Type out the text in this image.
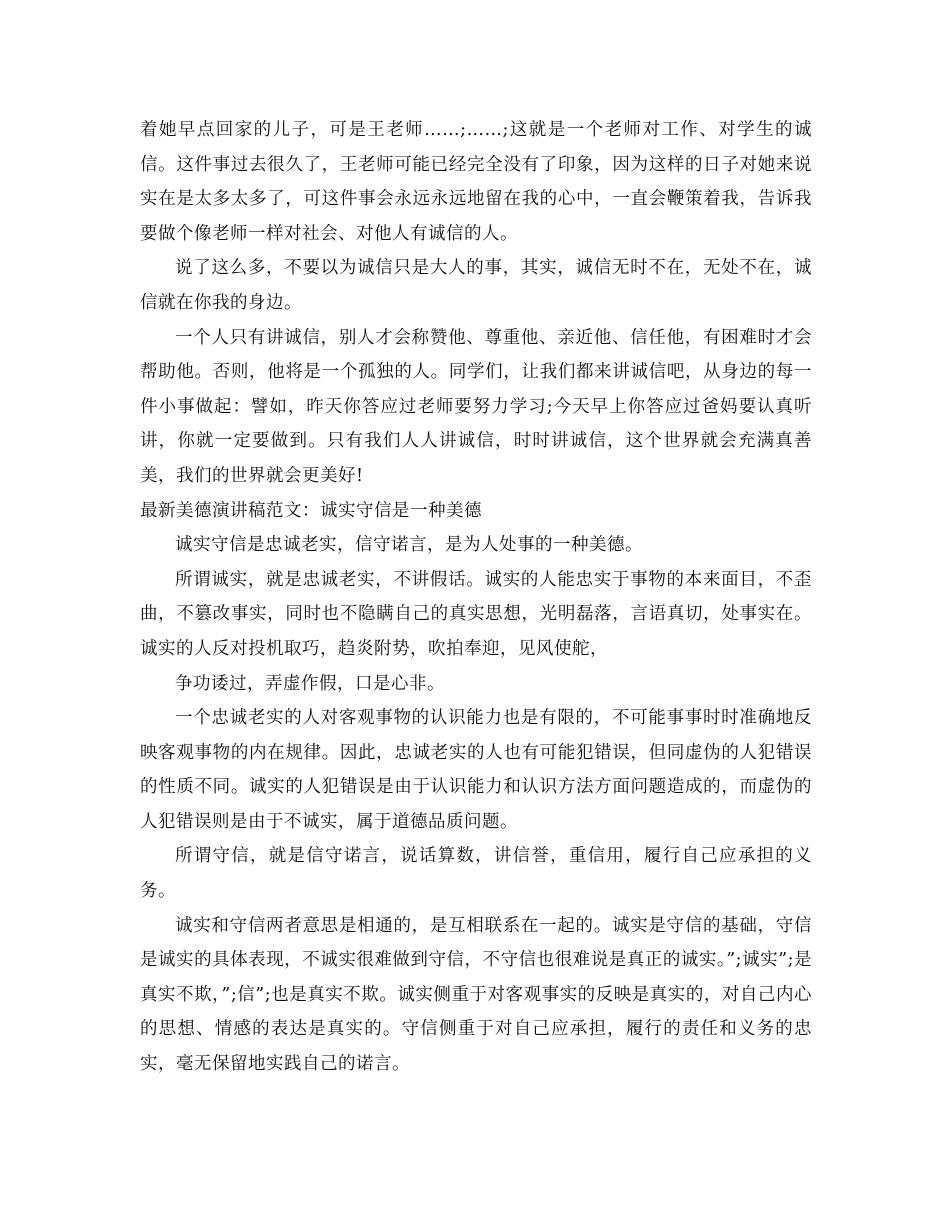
着她早点回家的儿子，可是王老师……;……;这就是一个老师对工作、对学生的诚信。这件事过去很久了，王老师可能已经完全没有了印象，因为这样的日子对她来说实在是太多太多了，可这件事会永远永远地留在我的心中，一直会鞭策着我，告诉我要做个像老师一样对社会、对他人有诚信的人。

说了这么多，不要以为诚信只是大人的事，其实，诚信无时不在，无处不在，诚信就在你我的身边。

一个人只有讲诚信，别人才会称赞他、尊重他、亲近他、信任他，有困难时才会帮助他。否则，他将是一个孤独的人。同学们，让我们都来讲诚信吧，从身边的每一件小事做起：譬如，昨天你答应过老师要努力学习;今天早上你答应过爸妈要认真听讲，你就一定要做到。只有我们人人讲诚信，时时讲诚信，这个世界就会充满真善美，我们的世界就会更美好!

最新美德演讲稿范文：诚实守信是一种美德

诚实守信是忠诚老实，信守诺言，是为人处事的一种美德。

所谓诚实，就是忠诚老实，不讲假话。诚实的人能忠实于事物的本来面目，不歪曲，不篡改事实，同时也不隐瞒自己的真实思想，光明磊落，言语真切，处事实在。诚实的人反对投机取巧，趋炎附势，吹拍奉迎，见风使舵，

争功诿过，弄虚作假，口是心非。

一个忠诚老实的人对客观事物的认识能力也是有限的，不可能事事时时准确地反映客观事物的内在规律。因此，忠诚老实的人也有可能犯错误，但同虚伪的人犯错误的性质不同。诚实的人犯错误是由于认识能力和认识方法方面问题造成的，而虚伪的人犯错误则是由于不诚实，属于道德品质问题。

所谓守信，就是信守诺言，说话算数，讲信誉，重信用，履行自己应承担的义务。

诚实和守信两者意思是相通的，是互相联系在一起的。诚实是守信的基础，守信是诚实的具体表现，不诚实很难做到守信，不守信也很难说是真正的诚实。”;诚实”;是真实不欺，”;信”;也是真实不欺。诚实侧重于对客观事实的反映是真实的，对自己内心的思想、情感的表达是真实的。守信侧重于对自己应承担，履行的责任和义务的忠实，毫无保留地实践自己的诺言。
